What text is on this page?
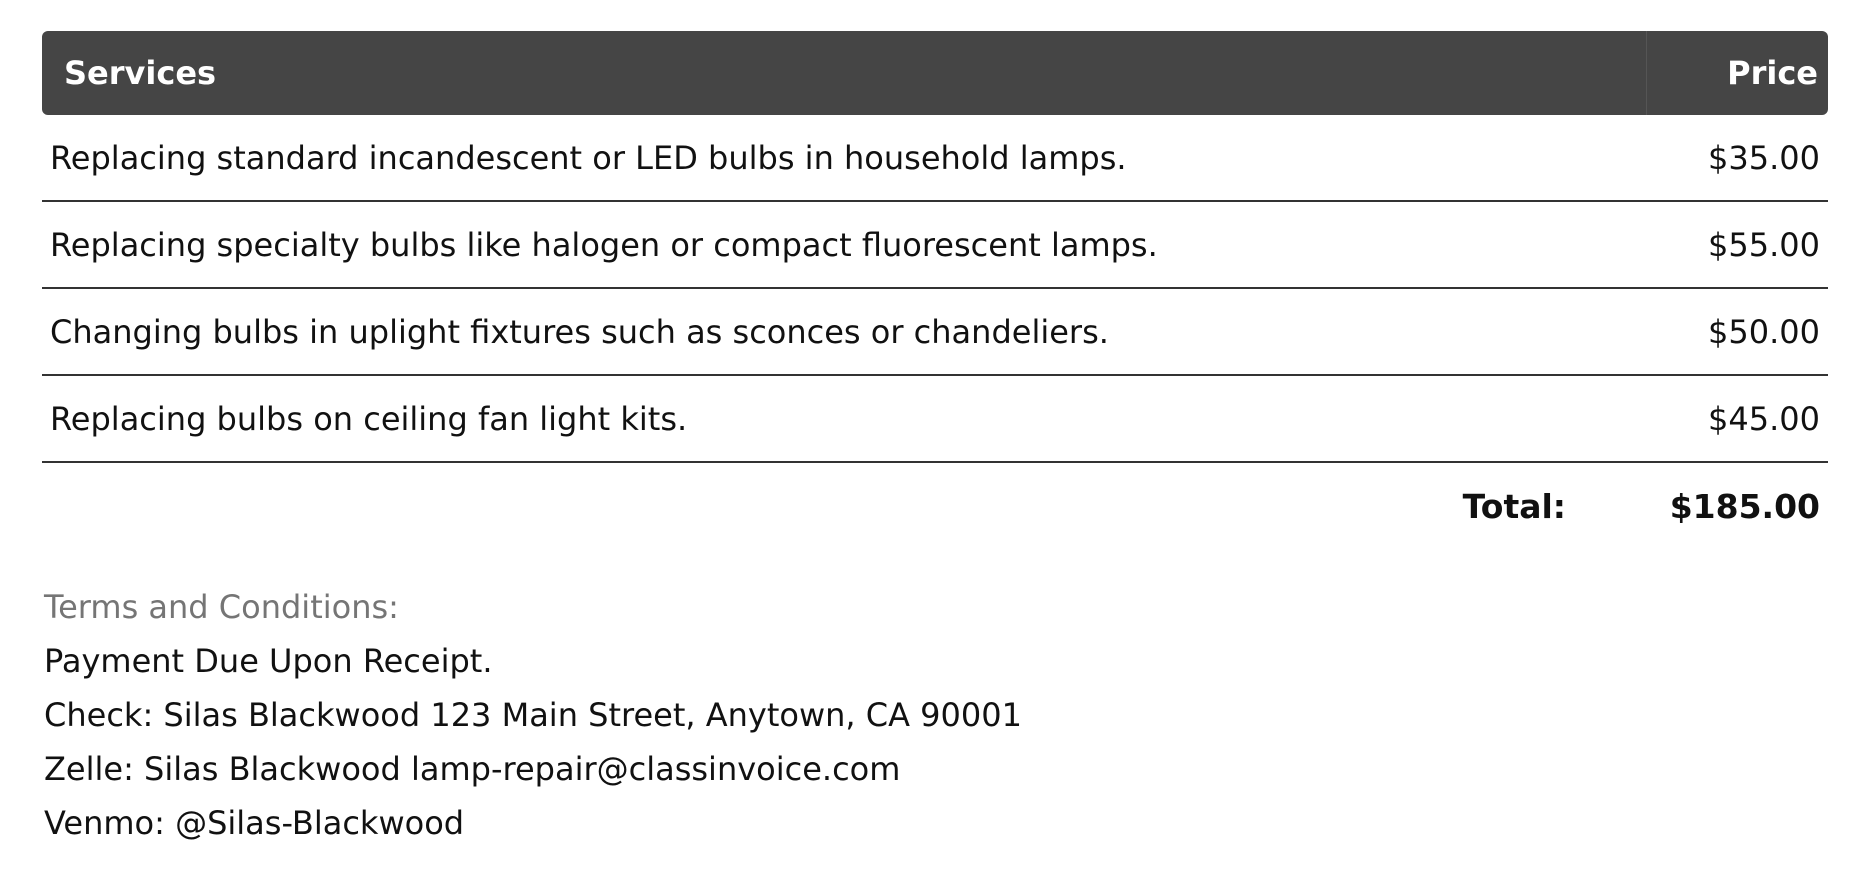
Services	Price
Replacing standard incandescent or LED bulbs in household lamps.	$35.00
Replacing specialty bulbs like halogen or compact fluorescent lamps.	$55.00
Changing bulbs in uplight fixtures such as sconces or chandeliers.	$50.00
Replacing bulbs on ceiling fan light kits.	$45.00
Total:	$185.00
Terms and Conditions:
Payment Due Upon Receipt.
Check: Silas Blackwood 123 Main Street, Anytown, CA 90001
Zelle: Silas Blackwood lamp-repair@classinvoice.com
Venmo: @Silas-Blackwood
